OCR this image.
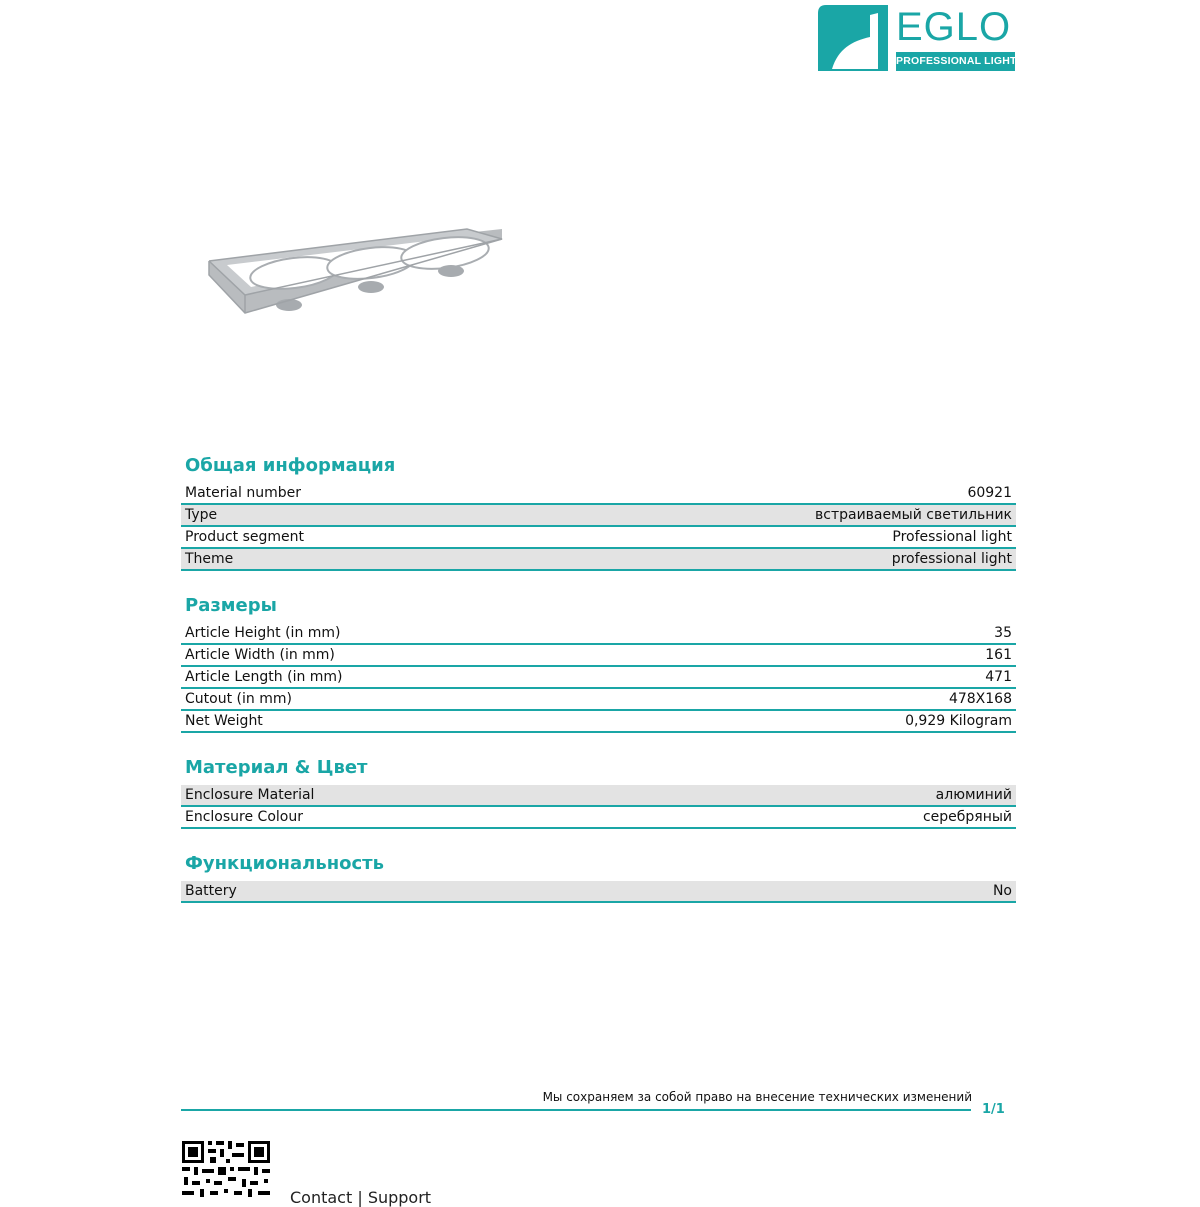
EGLO
PROFESSIONAL LIGHT
Общая информация
Material number	60921
Type	встраиваемый светильник
Product segment	Professional light
Theme	professional light
Размеры
Article Height (in mm)	35
Article Width (in mm)	161
Article Length (in mm)	471
Cutout (in mm)	478X168
Net Weight	0,929 Kilogram
Материал & Цвет
Enclosure Material	алюминий
Enclosure Colour	серебряный
Функциональность
Battery	No
Мы сохраняем за собой право на внесение технических изменений
1/1
Contact | Support
